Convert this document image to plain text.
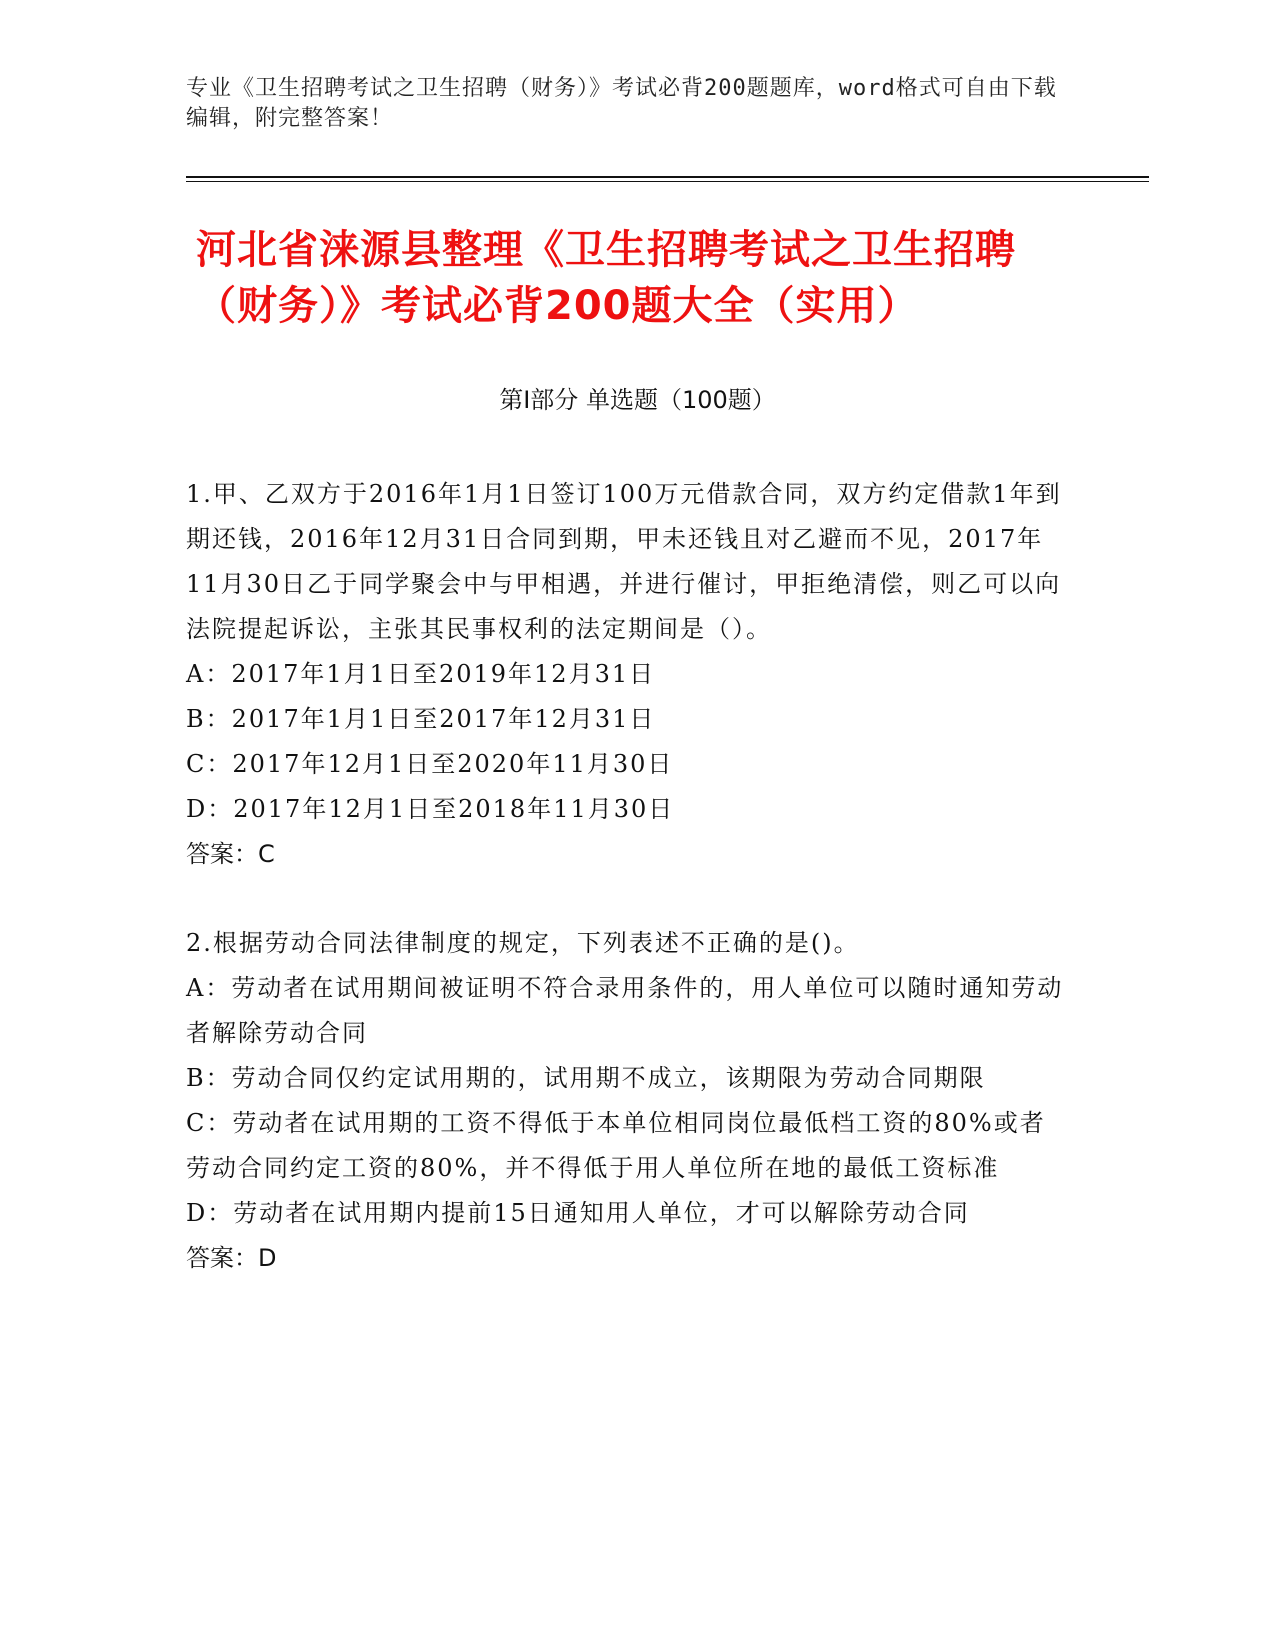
专业《卫生招聘考试之卫生招聘（财务）》考试必背200题题库，word格式可自由下载编辑，附完整答案！
河北省涞源县整理《卫生招聘考试之卫生招聘（财务）》考试必背200题大全（实用）
第Ⅰ部分 单选题（100题）
1.甲、乙双方于2016年1月1日签订100万元借款合同，双方约定借款1年到期还钱，2016年12月31日合同到期，甲未还钱且对乙避而不见，2017年11月30日乙于同学聚会中与甲相遇，并进行催讨，甲拒绝清偿，则乙可以向法院提起诉讼，主张其民事权利的法定期间是（）。
A：2017年1月1日至2019年12月31日
B：2017年1月1日至2017年12月31日
C：2017年12月1日至2020年11月30日
D：2017年12月1日至2018年11月30日
答案：C
2.根据劳动合同法律制度的规定，下列表述不正确的是()。
A：劳动者在试用期间被证明不符合录用条件的，用人单位可以随时通知劳动者解除劳动合同
B：劳动合同仅约定试用期的，试用期不成立，该期限为劳动合同期限
C：劳动者在试用期的工资不得低于本单位相同岗位最低档工资的80%或者劳动合同约定工资的80%，并不得低于用人单位所在地的最低工资标准
D：劳动者在试用期内提前15日通知用人单位，才可以解除劳动合同
答案：D
